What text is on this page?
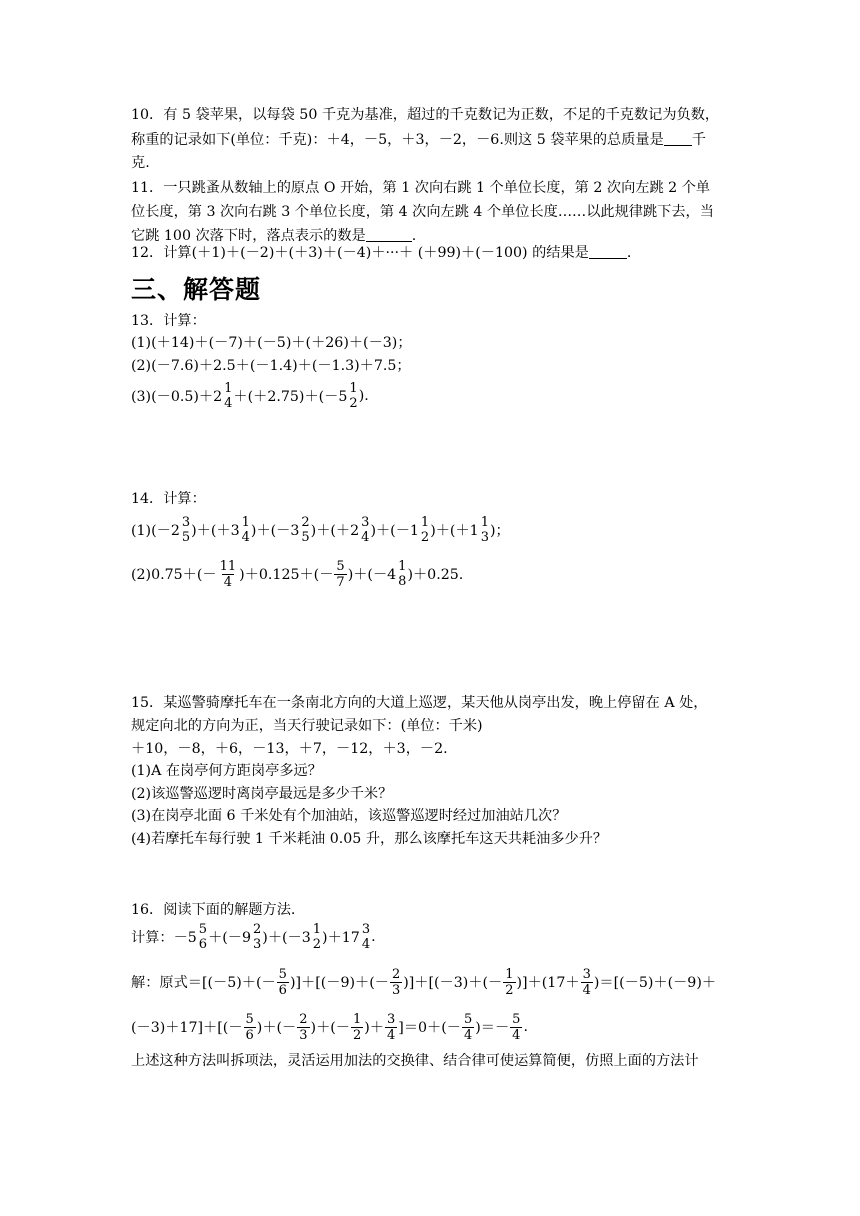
10．有 5 袋苹果，以每袋 50 千克为基准，超过的千克数记为正数，不足的千克数记为负数，
称重的记录如下(单位：千克)：＋4，－5，＋3，－2，－6.则这 5 袋苹果的总质量是 千
克.
11．一只跳蚤从数轴上的原点 O 开始，第 1 次向右跳 1 个单位长度，第 2 次向左跳 2 个单
位长度，第 3 次向右跳 3 个单位长度，第 4 次向左跳 4 个单位长度……以此规律跳下去，当
它跳 100 次落下时，落点表示的数是	.
12．计算(＋1)＋(－2)＋(＋3)＋(－4)＋···＋ (＋99)＋(－100) 的结果是	.
三、解答题
13．计算：
(1)(＋14)＋(－7)＋(－5)＋(＋26)＋(－3)；
(2)(－7.6)＋2.5＋(－1.4)＋(－1.3)＋7.5；
(3)(－0.5)＋2
1
4 ＋(＋2.75)＋(－5
1
2 ).
14．计算：
(1)(－2
3
5 )＋(＋3
1
4 )＋(－3
2
5 )＋(＋2
3
4 )＋(－1
1
2 )＋(＋1
1
3 )；
$(2)0.75+(- \frac{11}{4} )+0.125+(- \frac{5}{7} )+(-4$
1
8 )＋0.25.
15．某巡警骑摩托车在一条南北方向的大道上巡逻，某天他从岗亭出发，晚上停留在 A 处，
规定向北的方向为正，当天行驶记录如下：(单位：千米)
＋10，－8，＋6，－13，＋7，－12，＋3，－2.
(1)A 在岗亭何方距岗亭多远？
(2)该巡警巡逻时离岗亭最远是多少千米？
(3)在岗亭北面 6 千米处有个加油站，该巡警巡逻时经过加油站几次？
(4)若摩托车每行驶 1 千米耗油 0.05 升，那么该摩托车这天共耗油多少升？
16．阅读下面的解题方法.
计算：－5
5
6 ＋(－9
2
3 )＋(－3
1
2 )＋17
3
4 .
解：原式$=[(-5)+(- \frac{5}{6} )]+[(-9)+(- \frac{2}{3} )]+[(-3)+(- \frac{1}{2} )]+(17+ \frac{3}{4} )=[(-5)+(-9)+$
$(-3)+17]+[(- \frac{5}{6}$ )＋(－ $\frac{2}{3}$ )＋(－ $\frac{1}{2}$ )＋ $\frac{3}{4} ]=0+(- \frac{5}{4}$ )＝－ $\frac{5}{4}$ .
上述这种方法叫拆项法，灵活运用加法的交换律、结合律可使运算简便，仿照上面的方法计
